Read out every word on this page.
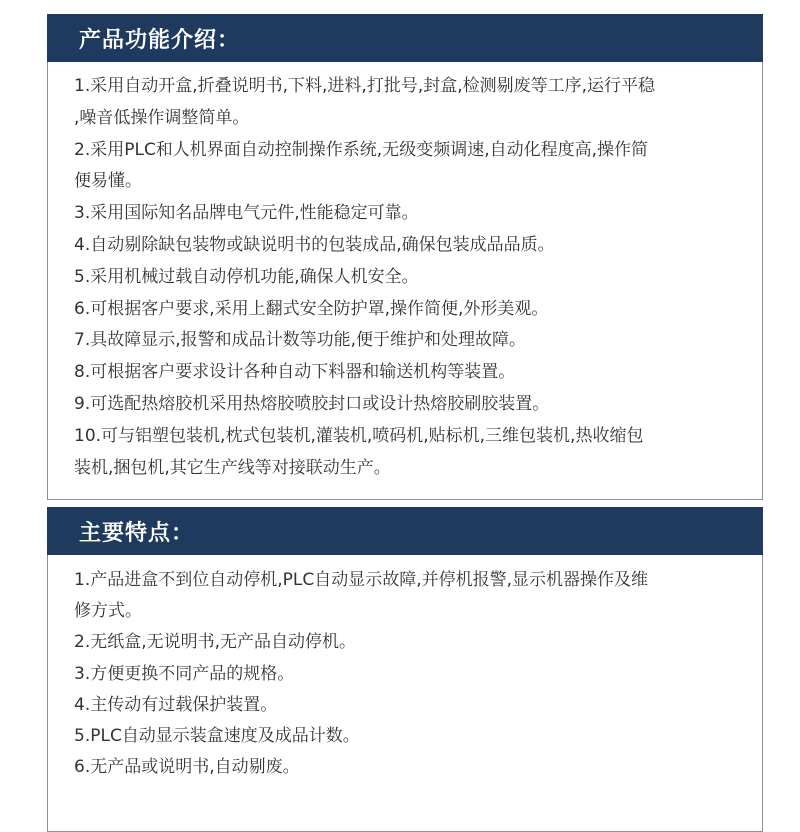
产品功能介绍：
1.采用自动开盒,折叠说明书,下料,进料,打批号,封盒,检测剔废等工序,运行平稳
,噪音低操作调整简单。
2.采用PLC和人机界面自动控制操作系统,无级变频调速,自动化程度高,操作简
便易懂。
3.采用国际知名品牌电气元件,性能稳定可靠。
4.自动剔除缺包装物或缺说明书的包装成品,确保包装成品品质。
5.采用机械过载自动停机功能,确保人机安全。
6.可根据客户要求,采用上翻式安全防护罩,操作简便,外形美观。
7.具故障显示,报警和成品计数等功能,便于维护和处理故障。
8.可根据客户要求设计各种自动下料器和输送机构等装置。
9.可选配热熔胶机采用热熔胶喷胶封口或设计热熔胶刷胶装置。
10.可与铝塑包装机,枕式包装机,灌装机,喷码机,贴标机,三维包装机,热收缩包
装机,捆包机,其它生产线等对接联动生产。
主要特点：
1.产品进盒不到位自动停机,PLC自动显示故障,并停机报警,显示机器操作及维
修方式。
2.无纸盒,无说明书,无产品自动停机。
3.方便更换不同产品的规格。
4.主传动有过载保护装置。
5.PLC自动显示装盒速度及成品计数。
6.无产品或说明书,自动剔废。
